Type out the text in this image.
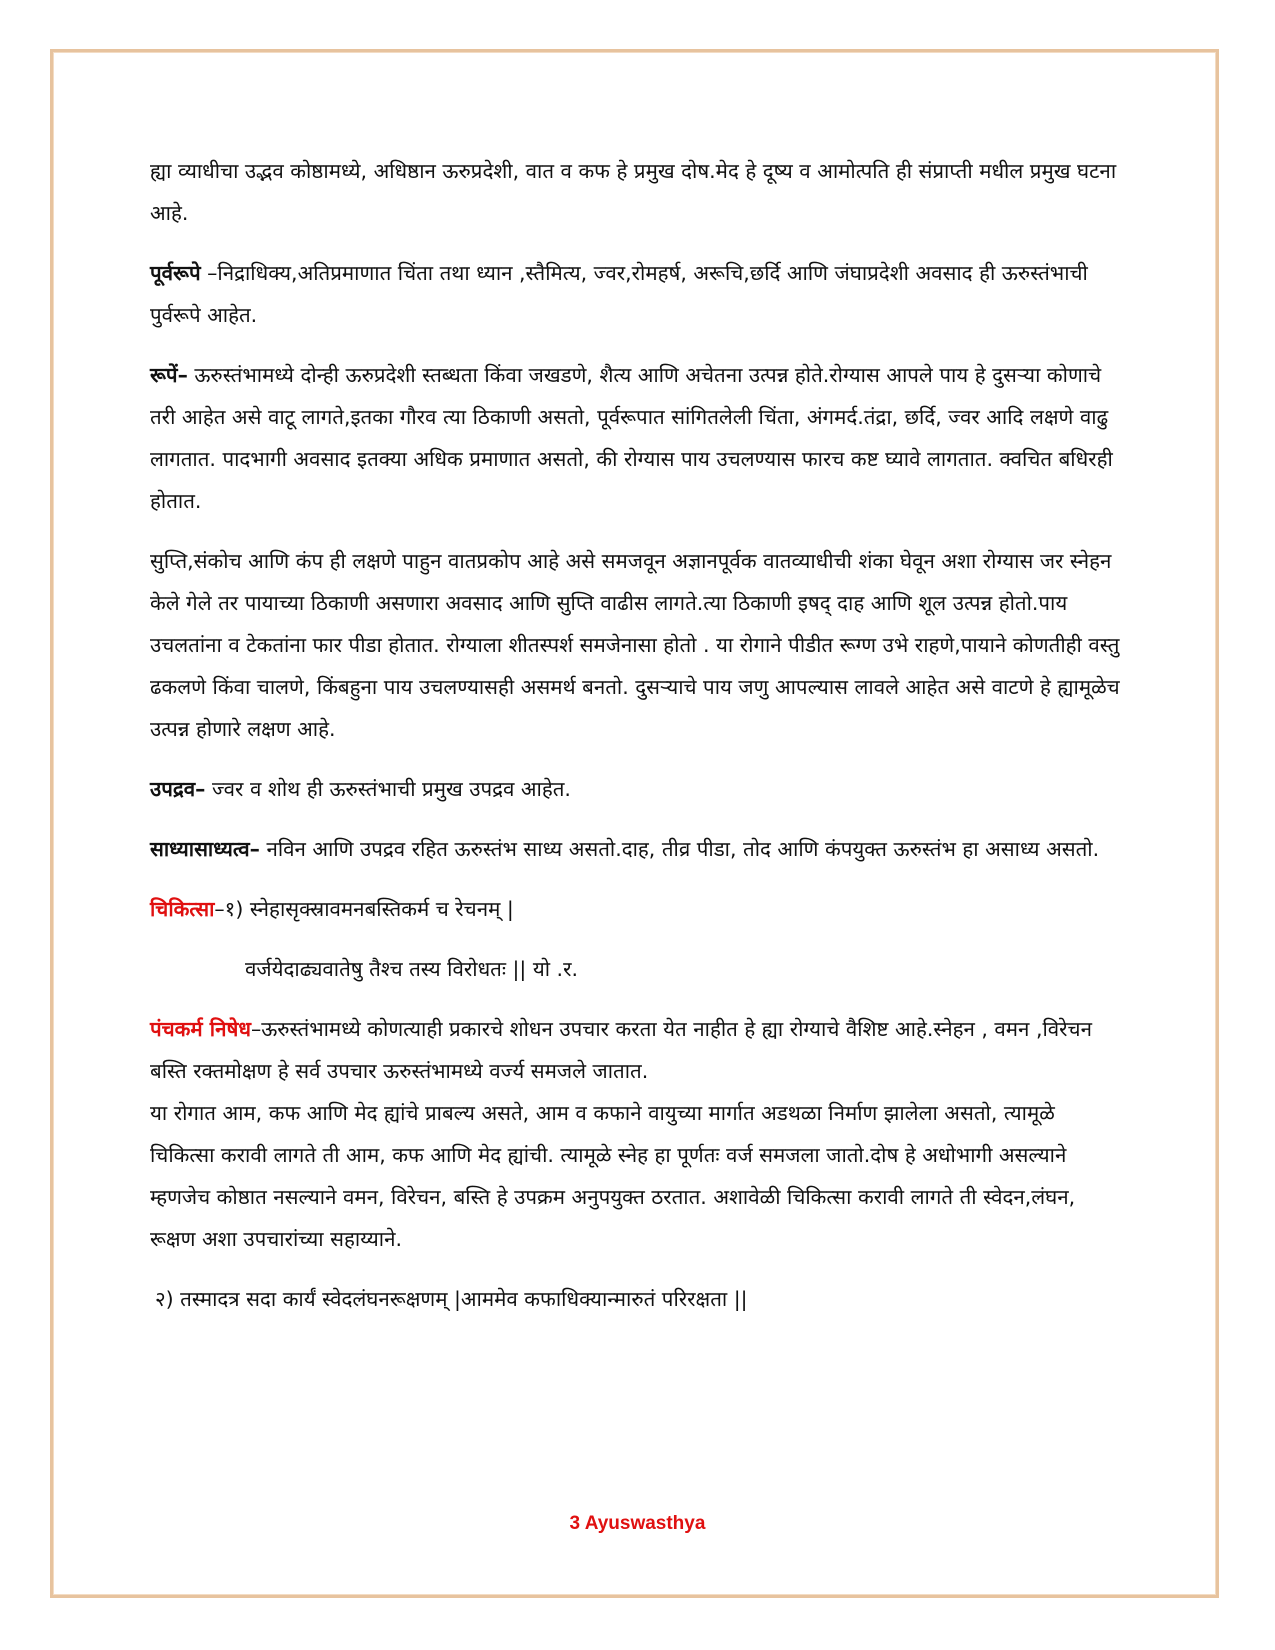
ह्या व्याधीचा उद्भव कोष्ठामध्ये, अधिष्ठान ऊरुप्रदेशी, वात व कफ हे प्रमुख दोष.मेद हे दूष्य व आमोत्पति ही संप्राप्ती मधील प्रमुख घटना आहे.

पूर्वरूपे –निद्राधिक्य,अतिप्रमाणात चिंता तथा ध्यान ,स्तैमित्य, ज्वर,रोमहर्ष, अरूचि,छर्दि आणि जंघाप्रदेशी अवसाद ही ऊरुस्तंभाची पुर्वरूपे आहेत.

रूपें– ऊरुस्तंभामध्ये दोन्ही ऊरुप्रदेशी स्तब्धता किंवा जखडणे, शैत्य आणि अचेतना उत्पन्न होते.रोग्यास आपले पाय हे दुसऱ्या कोणाचे तरी आहेत असे वाटू लागते,इतका गौरव त्या ठिकाणी असतो, पूर्वरूपात सांगितलेली चिंता, अंगमर्द.तंद्रा, छर्दि, ज्वर आदि लक्षणे वाढु लागतात. पादभागी अवसाद इतक्या अधिक प्रमाणात असतो, की रोग्यास पाय उचलण्यास फारच कष्ट घ्यावे लागतात. क्वचित बधिरही होतात.

सुप्ति,संकोच आणि कंप ही लक्षणे पाहुन वातप्रकोप आहे असे समजवून अज्ञानपूर्वक वातव्याधीची शंका घेवून अशा रोग्यास जर स्नेहन केले गेले तर पायाच्या ठिकाणी असणारा अवसाद आणि सुप्ति वाढीस लागते.त्या ठिकाणी इषद् दाह आणि शूल उत्पन्न होतो.पाय उचलतांना व टेकतांना फार पीडा होतात. रोग्याला शीतस्पर्श समजेनासा होतो . या रोगाने पीडीत रूग्ण उभे राहणे,पायाने कोणतीही वस्तु ढकलणे किंवा चालणे, किंबहुना पाय उचलण्यासही असमर्थ बनतो. दुसऱ्याचे पाय जणु आपल्यास लावले आहेत असे वाटणे हे ह्यामूळेच उत्पन्न होणारे लक्षण आहे.

उपद्रव– ज्वर व शोथ ही ऊरुस्तंभाची प्रमुख उपद्रव आहेत.

साध्यासाध्यत्व– नविन आणि उपद्रव रहित ऊरुस्तंभ साध्य असतो.दाह, तीव्र पीडा, तोद आणि कंपयुक्त ऊरुस्तंभ हा असाध्य असतो.

चिकित्सा–१) स्नेहासृक्स्रावमनबस्तिकर्म च रेचनम् |

वर्जयेदाढ्यवातेषु तैश्च तस्य विरोधतः || यो .र.

पंचकर्म निषेध–ऊरुस्तंभामध्ये कोणत्याही प्रकारचे शोधन उपचार करता येत नाहीत हे ह्या रोग्याचे वैशिष्ट आहे.स्नेहन , वमन ,विरेचन बस्ति रक्तमोक्षण हे सर्व उपचार ऊरुस्तंभामध्ये वर्ज्य समजले जातात.
या रोगात आम, कफ आणि मेद ह्यांचे प्राबल्य असते, आम व कफाने वायुच्या मार्गात अडथळा निर्माण झालेला असतो, त्यामूळे चिकित्सा करावी लागते ती आम, कफ आणि मेद ह्यांची. त्यामूळे स्नेह हा पूर्णतः वर्ज समजला जातो.दोष हे अधोभागी असल्याने म्हणजेच कोष्ठात नसल्याने वमन, विरेचन, बस्ति हे उपक्रम अनुपयुक्त ठरतात. अशावेळी चिकित्सा करावी लागते ती स्वेदन,लंघन, रूक्षण अशा उपचारांच्या सहाय्याने.

२) तस्मादत्र सदा कार्यं स्वेदलंघनरूक्षणम् |आममेव कफाधिक्यान्मारुतं परिरक्षता ||

3 Ayuswasthya
